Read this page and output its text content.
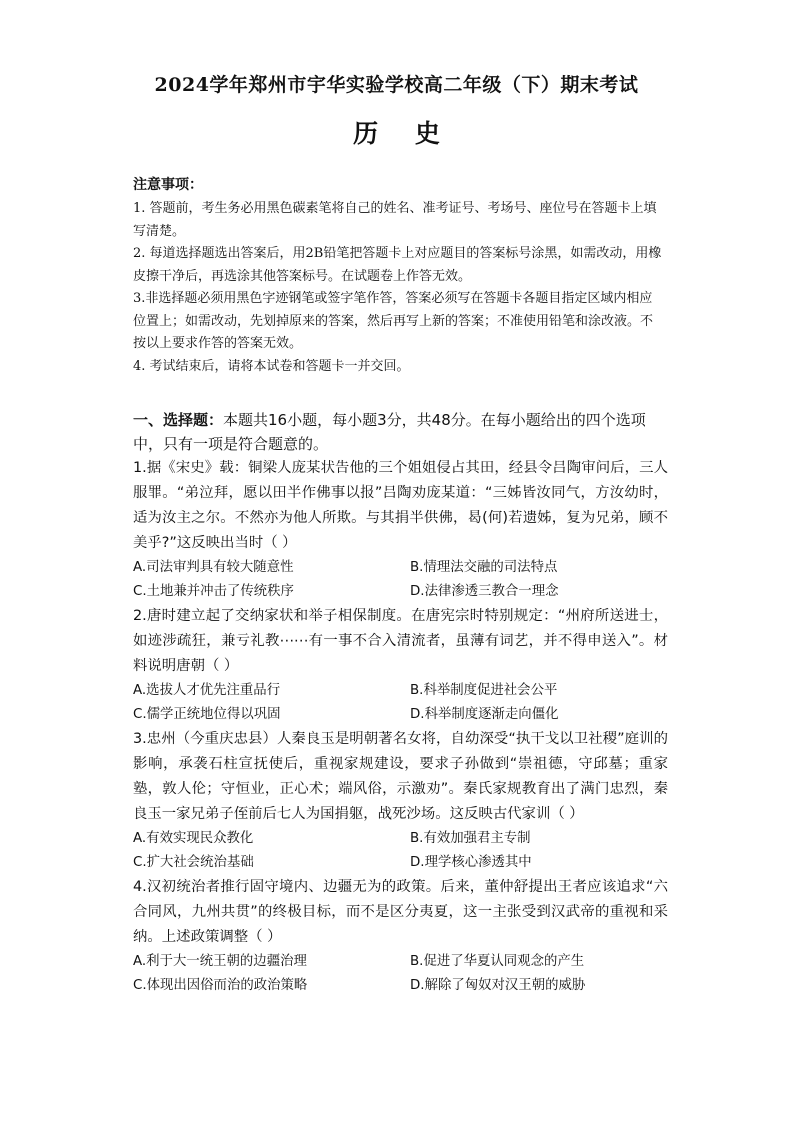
2024学年郑州市宇华实验学校高二年级（下）期末考试
历 史
注意事项：
1. 答题前，考生务必用黑色碳素笔将自己的姓名、准考证号、考场号、座位号在答题卡上填写清楚。
2. 每道选择题选出答案后，用2B铅笔把答题卡上对应题目的答案标号涂黑，如需改动，用橡皮擦干净后，再选涂其他答案标号。在试题卷上作答无效。
3.非选择题必须用黑色字迹钢笔或签字笔作答，答案必须写在答题卡各题目指定区域内相应位置上；如需改动，先划掉原来的答案，然后再写上新的答案；不准使用铅笔和涂改液。不按以上要求作答的答案无效。
4. 考试结束后，请将本试卷和答题卡一并交回。
一、选择题：本题共16小题，每小题3分，共48分。在每小题给出的四个选项中，只有一项是符合题意的。
1.据《宋史》载：铜梁人庞某状告他的三个姐姐侵占其田，经县令吕陶审问后，三人服罪。“弟泣拜，愿以田半作佛事以报”吕陶劝庞某道：“三姊皆汝同气，方汝幼时，适为汝主之尔。不然亦为他人所欺。与其捐半供佛，曷(何)若遗姊，复为兄弟，顾不美乎?”这反映出当时（ ）
A.司法审判具有较大随意性	B.情理法交融的司法特点
C.土地兼并冲击了传统秩序	D.法律渗透三教合一理念
2.唐时建立起了交纳家状和举子相保制度。在唐宪宗时特别规定：“州府所送进士，如迹涉疏狂，兼亏礼教⋯⋯有一事不合入清流者，虽薄有词艺，并不得申送入”。材料说明唐朝（ ）
A.选拔人才优先注重品行	B.科举制度促进社会公平
C.儒学正统地位得以巩固	D.科举制度逐渐走向僵化
3.忠州（今重庆忠县）人秦良玉是明朝著名女将，自幼深受“执干戈以卫社稷”庭训的影响，承袭石柱宣抚使后，重视家规建设，要求子孙做到“崇祖德，守邱墓；重家塾，敦人伦；守恒业，正心术；端风俗，示激劝”。秦氏家规教育出了满门忠烈，秦良玉一家兄弟子侄前后七人为国捐躯，战死沙场。这反映古代家训（ ）
A.有效实现民众教化	B.有效加强君主专制
C.扩大社会统治基础	D.理学核心渗透其中
4.汉初统治者推行固守境内、边疆无为的政策。后来，董仲舒提出王者应该追求“六合同风，九州共贯”的终极目标，而不是区分夷夏，这一主张受到汉武帝的重视和采纳。上述政策调整（ ）
A.利于大一统王朝的边疆治理	B.促进了华夏认同观念的产生
C.体现出因俗而治的政治策略	D.解除了匈奴对汉王朝的威胁
